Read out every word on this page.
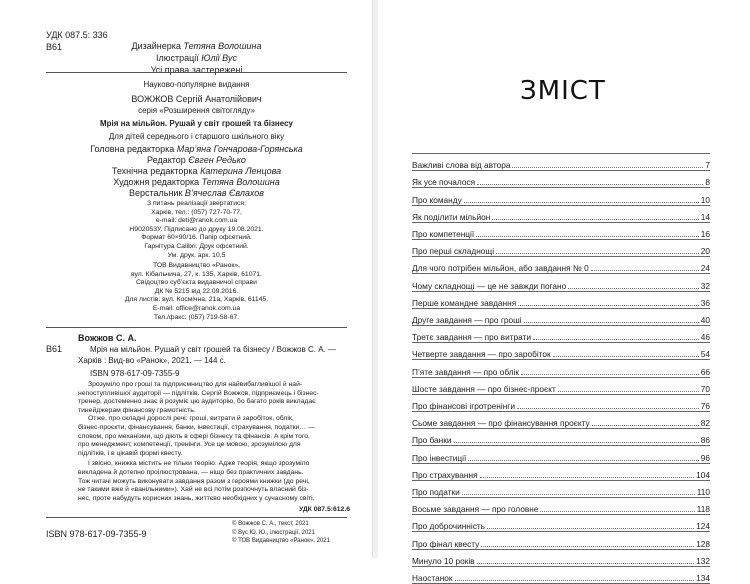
УДК 087.5: 336
В61	Дизайнерка Тетяна Волошина
Ілюстрації Юлії Вус
Усі права застережені
Науково-популярне видання
ВОЖЖОВ Сергій Анатолійович
серія «Розширення світогляду»
Мрія на мільйон. Рушай у світ грошей та бізнесу
Для дітей середнього і старшого шкільного віку
Головна редакторка Мар’яна Гончарова-Горянська
Редактор Євген Редько
Технічна редакторка Катерина Ленцова
Художня редакторка Тетяна Волошина
Верстальник В’ячеслав Євлахов
З питань реалізації звертатися:
Харків, тел.: (057) 727-70-77,
e-mail: deti@ranok.com.ua
Н902053У. Підписано до друку 19.08.2021.
Формат 60×90/16. Папір офсетний.
Гарнітура Calibri. Друк офсетний.
Ум. друк. арк. 10,5
ТОВ Видавництво «Ранок»,
вул. Кібальчича, 27, к. 135, Харків, 61071.
Свідоцтво суб’єкта видавничої справи
ДК № 5215 від 22.09.2016.
Для листів: вул. Космічна, 21а, Харків, 61145.
E-mail: office@ranok.com.ua
Тел./факс: (057) 719-58-67.
Вожжов С. А.
В61	Мрія на мільйон. Рушай у світ грошей та бізнесу / Вожжов С. А. —
Харків : Вид-во «Ранок», 2021. — 144 с.
ISBN 978-617-09-7355-9
Зрозуміло про гроші та підприємництво для найвибагливішої й най-
непоступливішої аудиторії — підлітків. Сергій Вожжов, підприємець і бізнес-
тренер, достеменно знає й розуміє цю аудиторію, бо багато років викладає
тинейджерам фінансову грамотність.
Отже, про складні дорослі речі: гроші, витрати й заробіток, облік,
бізнес-проєкти, фінансування, банки, інвестиції, страхування, податки… —
словом, про механізми, що діють в сфері бізнесу та фінансів. А крім того,
про менеджмент, компетенції, тренінги. Усе це мовою, зрозумілою для
підлітків, і в цікавій формі квесту.
І звісно, книжка містить не тільки теорію. Адже теорія, якщо зрозуміло
викладена й дотепно проілюстрована, — ніщо без практичних завдань.
Тож читачі можуть виконувати завдання разом з героями книжки (до речі,
не такими вже й «ванільними»). Хай не всі потім розпочнуть власний біз-
нес, проте набудуть корисних знань, життєво необхідних у сучасному світі.
УДК 087.5:612.6
ISBN 978-617-09-7355-9
© Вожжов С. А., текст, 2021
© Вус Ю. Ю., ілюстрації, 2021
© ТОВ Видавництво «Ранок», 2021
ЗМІСТ
Важливі слова від автора	7
Як усе почалося	8
Про команду	10
Як поділити мільйон	14
Про компетенції	16
Про перші складнощі	20
Для чого потрібен мільйон, або завдання № 0	24
Чому складнощі — це не завжди погано	32
Перше командне завдання	36
Друге завдання — про гроші	40
Третє завдання — про витрати	46
Четверте завдання — про заробіток	54
П’яте завдання — про облік	66
Шосте завдання — про бізнес-проєкт	70
Про фінансові ігротренінги	76
Сьоме завдання — про фінансування проєкту	82
Про банки	86
Про інвестиції	96
Про страхування	104
Про податки	110
Восьме завдання — про головне	118
Про доброчинність	124
Про фінал квесту	128
Минуло 10 років	132
Наостанок	134
